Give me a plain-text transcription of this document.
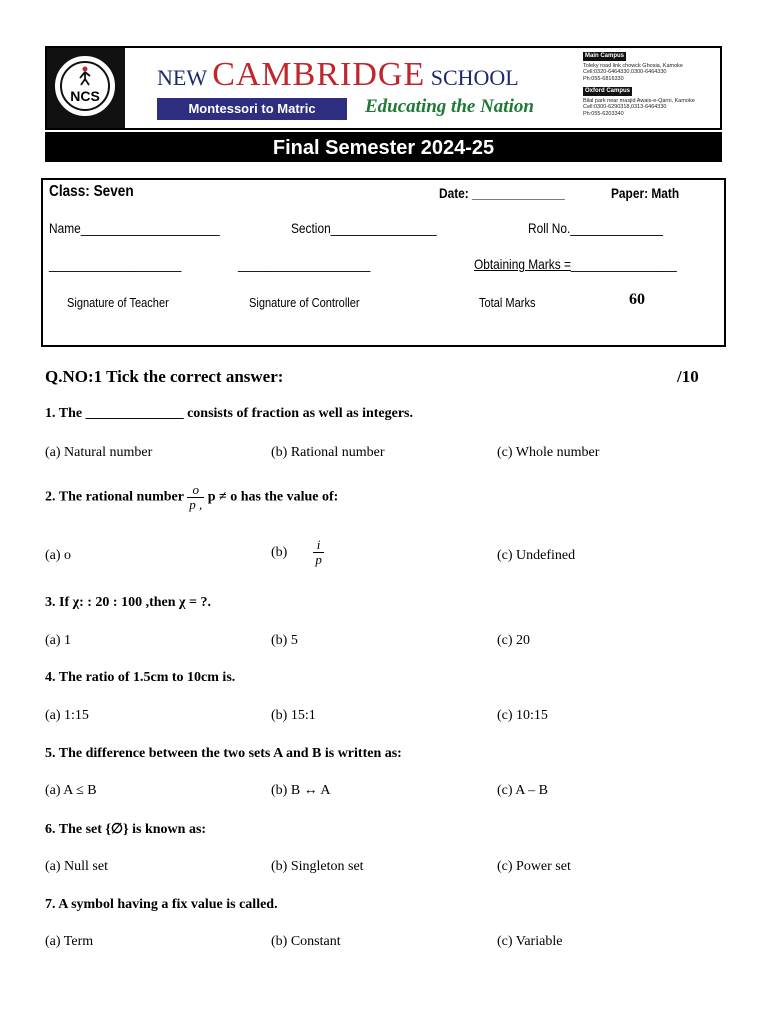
NCS
NEW CAMBRIDGE SCHOOL
Montessori to Matric	Educating the Nation
Main Campus
Toleky road link chowck Ghosia, Kamoke
Cell:0320-6464330,0300-6464330
Ph:055-6816330
Oxford Campus
Bilal park near masjid Awais-e-Qarni, Kamoke
Cell:0300-6290318,0313-6464330
Ph:055-6203340
Final Semester 2024-25
Class: Seven	Date: ______________	Paper: Math
Name_____________________	Section________________	Roll No.______________
____________________	____________________	Obtaining Marks =________________
Signature of Teacher	Signature of Controller	Total Marks	60
Q.NO:1 Tick the correct answer:	/10
1. The ______________ consists of fraction as well as integers.
(a) Natural number	(b) Rational number	(c) Whole number
2. The rational number $\frac{o}{p ,}$ p ≠ o has the value of:
(a) o	$(b) \frac{i}{p}$	(c) Undefined
3. If χ: : 20 : 100 ,then χ = ?.
(a) 1	(b) 5	(c) 20
4. The ratio of 1.5cm to 10cm is.
(a) 1:15	(b) 15:1	(c) 10:15
5. The difference between the two sets A and B is written as:
(a) A ≤ B	(b) B ↔ A	(c) A – B
6. The set {∅} is known as:
(a) Null set	(b) Singleton set	(c) Power set
7. A symbol having a fix value is called.
(a) Term	(b) Constant	(c) Variable
